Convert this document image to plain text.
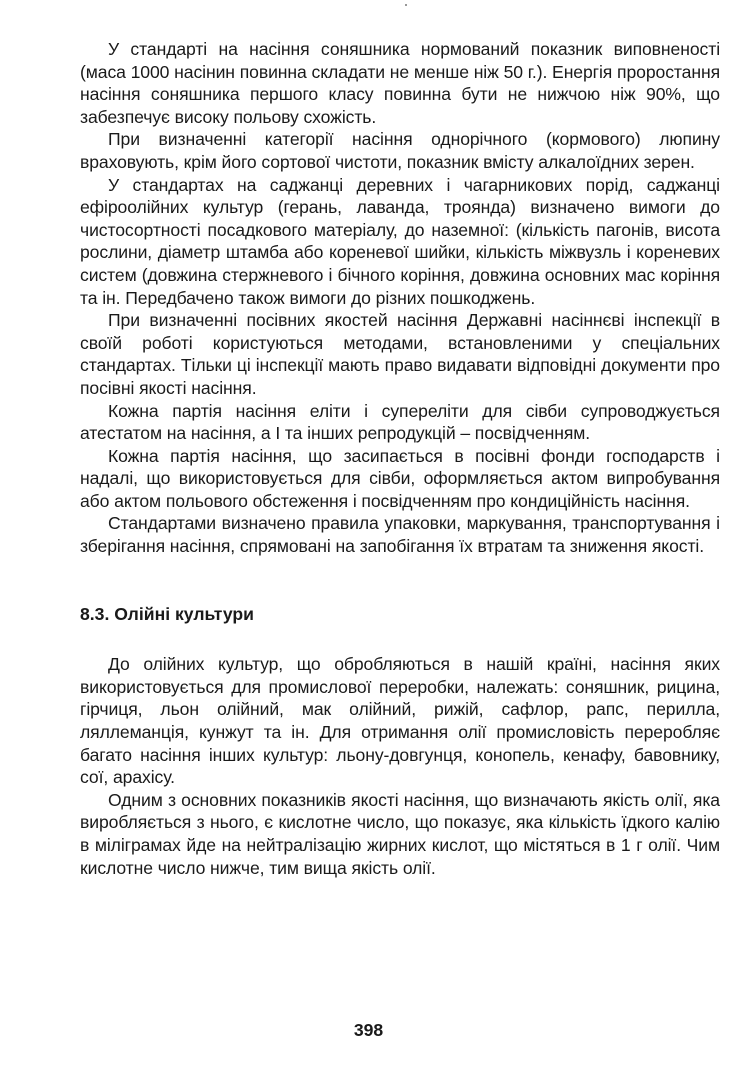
У стандарті на насіння соняшника нормований показник виповненості (маса 1000 насінин повинна складати не менше ніж 50 г.). Енергія проростання насіння соняшника першого класу повинна бути не нижчою ніж 90%, що забезпечує високу польову схожість.

При визначенні категорії насіння однорічного (кормового) люпину враховують, крім його сортової чистоти, показник вмісту алкалоїдних зерен.

У стандартах на саджанці деревних і чагарникових порід, саджанці ефіроолійних культур (герань, лаванда, троянда) визначено вимоги до чистосортності посадкового матеріалу, до наземної: (кількість пагонів, висота рослини, діаметр штамба або кореневої шийки, кількість міжвузль і кореневих систем (довжина стержневого і бічного коріння, довжина основних мас коріння та ін. Передбачено також вимоги до різних пошкоджень.

При визначенні посівних якостей насіння Державні насіннєві інспекції в своїй роботі користуються методами, встановленими у спеціальних стандартах. Тільки ці інспекції мають право видавати відповідні документи про посівні якості насіння.

Кожна партія насіння еліти і супереліти для сівби супроводжується атестатом на насіння, а І та інших репродукцій – посвідченням.

Кожна партія насіння, що засипається в посівні фонди господарств і надалі, що використовується для сівби, оформляється актом випробування або актом польового обстеження і посвідченням про кондиційність насіння.

Стандартами визначено правила упаковки, маркування, транспортування і зберігання насіння, спрямовані на запобігання їх втратам та зниження якості.

8.3. Олійні культури

До олійних культур, що обробляються в нашій країні, насіння яких використовується для промислової переробки, належать: соняшник, рицина, гірчиця, льон олійний, мак олійний, рижій, сафлор, рапс, перилла, ляллеманція, кунжут та ін. Для отримання олії промисловість переробляє багато насіння інших культур: льону-довгунця, конопель, кенафу, бавовнику, сої, арахісу.

Одним з основних показників якості насіння, що визначають якість олії, яка виробляється з нього, є кислотне число, що показує, яка кількість їдкого калію в міліграмах йде на нейтралізацію жирних кислот, що містяться в 1 г олії. Чим кислотне число нижче, тим вища якість олії.

398
